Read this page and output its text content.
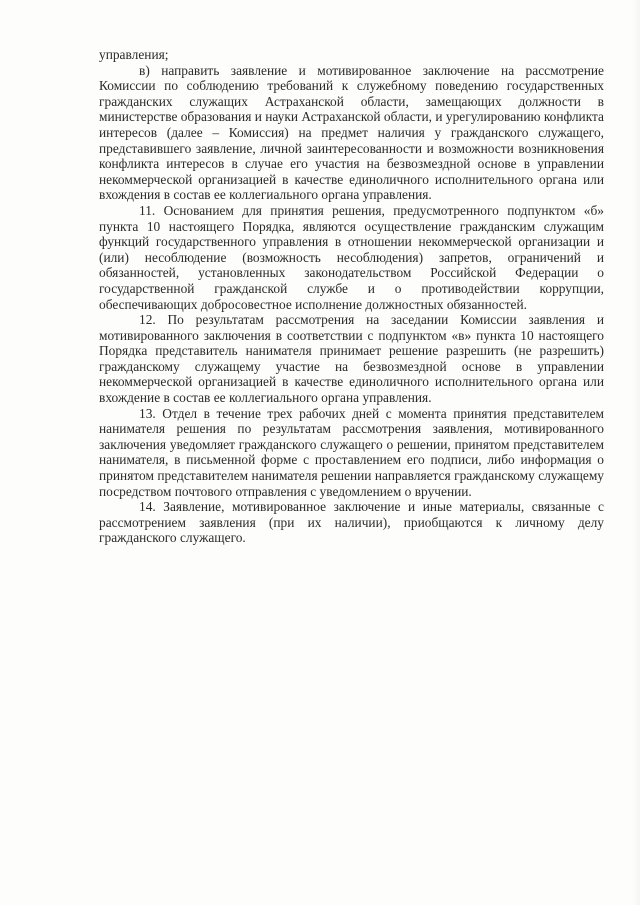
управления;

в) направить заявление и мотивированное заключение на рассмотрение Комиссии по соблюдению требований к служебному поведению государственных гражданских служащих Астраханской области, замещающих должности в министерстве образования и науки Астраханской области, и урегулированию конфликта интересов (далее – Комиссия) на предмет наличия у гражданского служащего, представившего заявление, личной заинтересованности и возможности возникновения конфликта интересов в случае его участия на безвозмездной основе в управлении некоммерческой организацией в качестве единоличного исполнительного органа или вхождения в состав ее коллегиального органа управления.

11. Основанием для принятия решения, предусмотренного подпунктом «б» пункта 10 настоящего Порядка, являются осуществление гражданским служащим функций государственного управления в отношении некоммерческой организации и (или) несоблюдение (возможность несоблюдения) запретов, ограничений и обязанностей, установленных законодательством Российской Федерации о государственной гражданской службе и о противодействии коррупции, обеспечивающих добросовестное исполнение должностных обязанностей.

12. По результатам рассмотрения на заседании Комиссии заявления и мотивированного заключения в соответствии с подпунктом «в» пункта 10 настоящего Порядка представитель нанимателя принимает решение разрешить (не разрешить) гражданскому служащему участие на безвозмездной основе в управлении некоммерческой организацией в качестве единоличного исполнительного органа или вхождение в состав ее коллегиального органа управления.

13. Отдел в течение трех рабочих дней с момента принятия представителем нанимателя решения по результатам рассмотрения заявления, мотивированного заключения уведомляет гражданского служащего о решении, принятом представителем нанимателя, в письменной форме с проставлением его подписи, либо информация о принятом представителем нанимателя решении направляется гражданскому служащему посредством почтового отправления с уведомлением о вручении.

14. Заявление, мотивированное заключение и иные материалы, связанные с рассмотрением заявления (при их наличии), приобщаются к личному делу гражданского служащего.
